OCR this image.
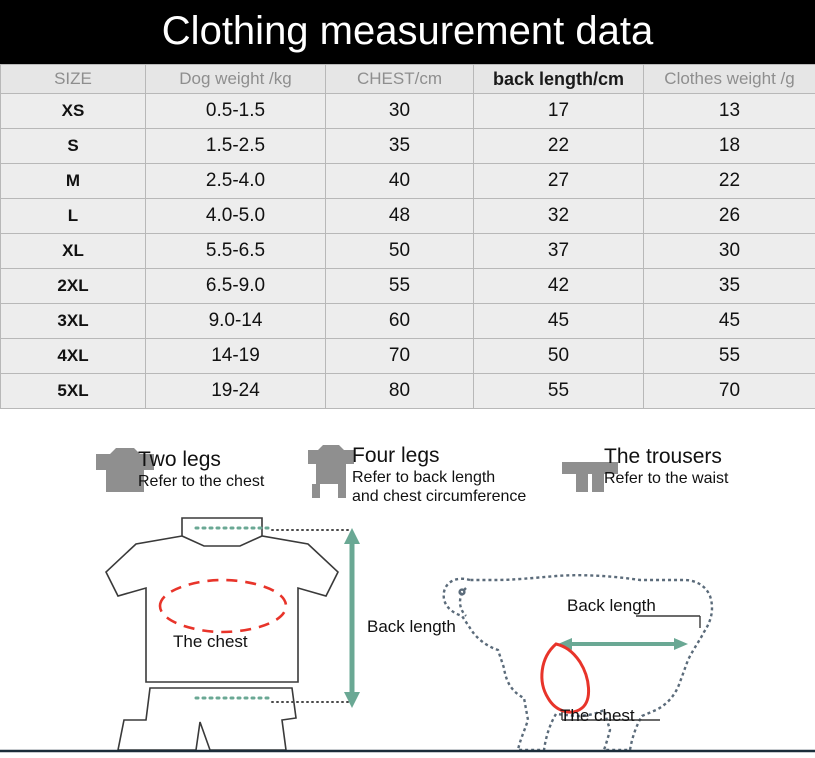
Clothing measurement data
SIZE	Dog weight /kg	CHEST/cm	back length/cm	Clothes weight /g
XS	0.5-1.5	30	17	13
S	1.5-2.5	35	22	18
M	2.5-4.0	40	27	22
L	4.0-5.0	48	32	26
XL	5.5-6.5	50	37	30
2XL	6.5-9.0	55	42	35
3XL	9.0-14	60	45	45
4XL	14-19	70	50	55
5XL	19-24	80	55	70
Two legs
Refer to the chest
Four legs
Refer to back length
and chest circumference
The trousers
Refer to the waist
The chest
Back length
Back length
The chest
